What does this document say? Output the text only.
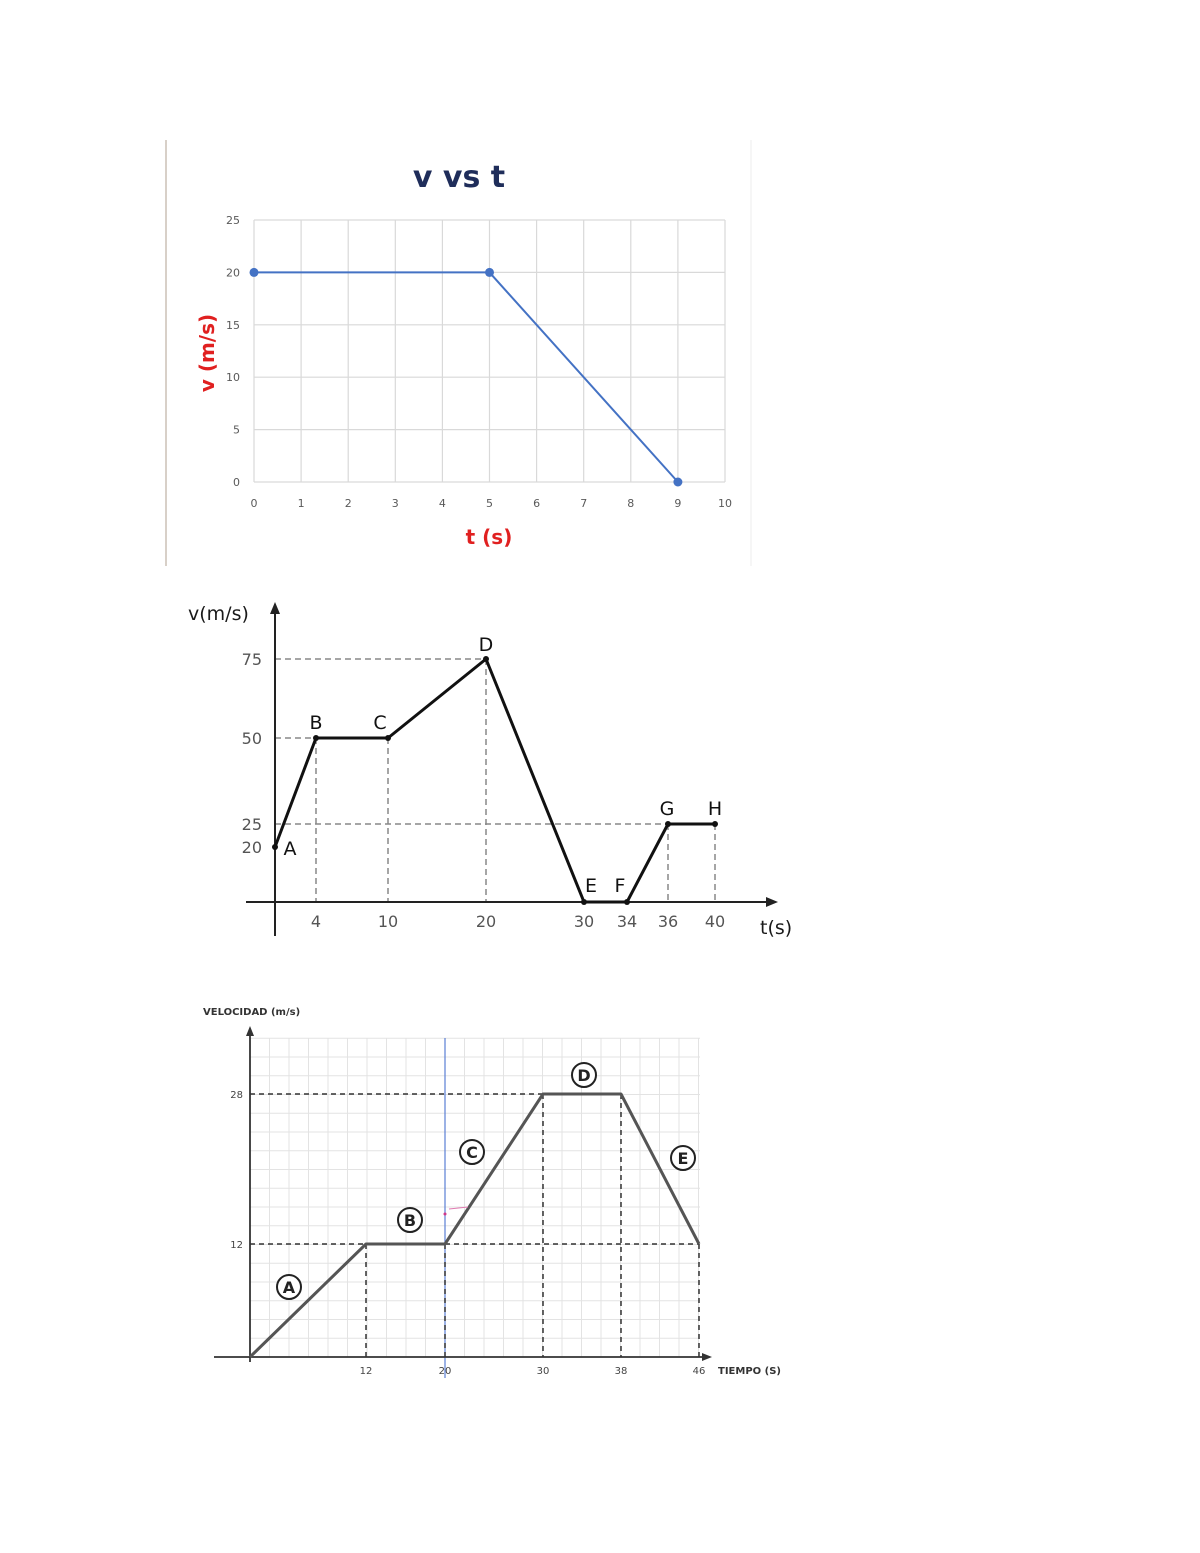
v vs t
0	1	2	3	4	5	6	7	8	9	10
0
5
10
15
20
25
t (s)
v (m/s)
v(m/s)
t(s)
4	10	20	30 34 36 40
20
25
50
75
A
B	C
D
E F
G H
VELOCIDAD (m/s)
TIEMPO (S)
12	20	30	38	46
28
12
A
B
C
D
E
